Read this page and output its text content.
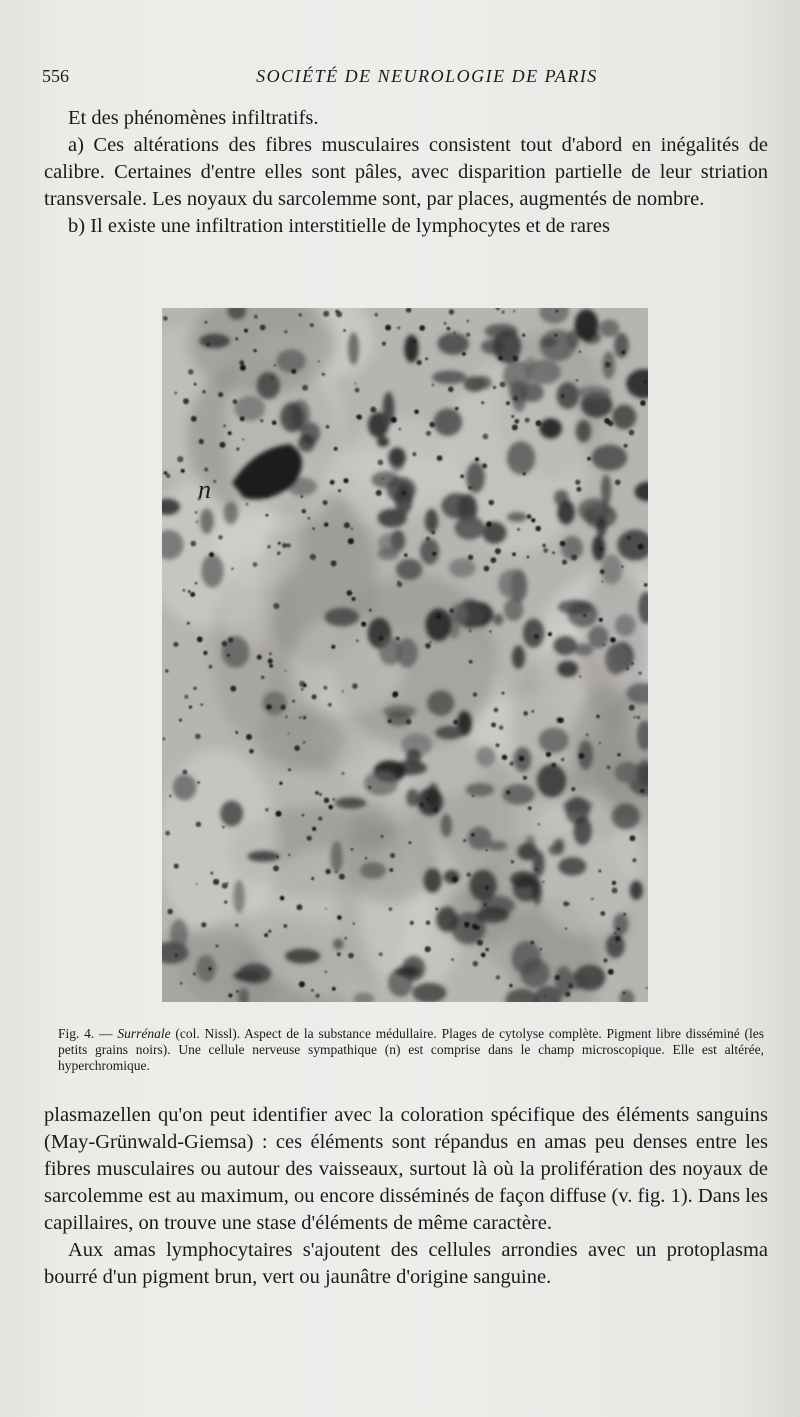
556	SOCIÉTÉ DE NEUROLOGIE DE PARIS

Et des phénomènes infiltratifs.

a) Ces altérations des fibres musculaires consistent tout d'abord en inégalités de calibre. Certaines d'entre elles sont pâles, avec disparition partielle de leur striation transversale. Les noyaux du sarcolemme sont, par places, augmentés de nombre.

b) Il existe une infiltration interstitielle de lymphocytes et de rares

n

Fig. 4. — Surrénale (col. Nissl). Aspect de la substance médullaire. Plages de cytolyse complète. Pigment libre disséminé (les petits grains noirs). Une cellule nerveuse sympathique (n) est comprise dans le champ microscopique. Elle est altérée, hyperchromique.

plasmazellen qu'on peut identifier avec la coloration spécifique des éléments sanguins (May-Grünwald-Giemsa) : ces éléments sont répandus en amas peu denses entre les fibres musculaires ou autour des vaisseaux, surtout là où la prolifération des noyaux de sarcolemme est au maximum, ou encore disséminés de façon diffuse (v. fig. 1). Dans les capillaires, on trouve une stase d'éléments de même caractère.

Aux amas lymphocytaires s'ajoutent des cellules arrondies avec un protoplasma bourré d'un pigment brun, vert ou jaunâtre d'origine sanguine.
